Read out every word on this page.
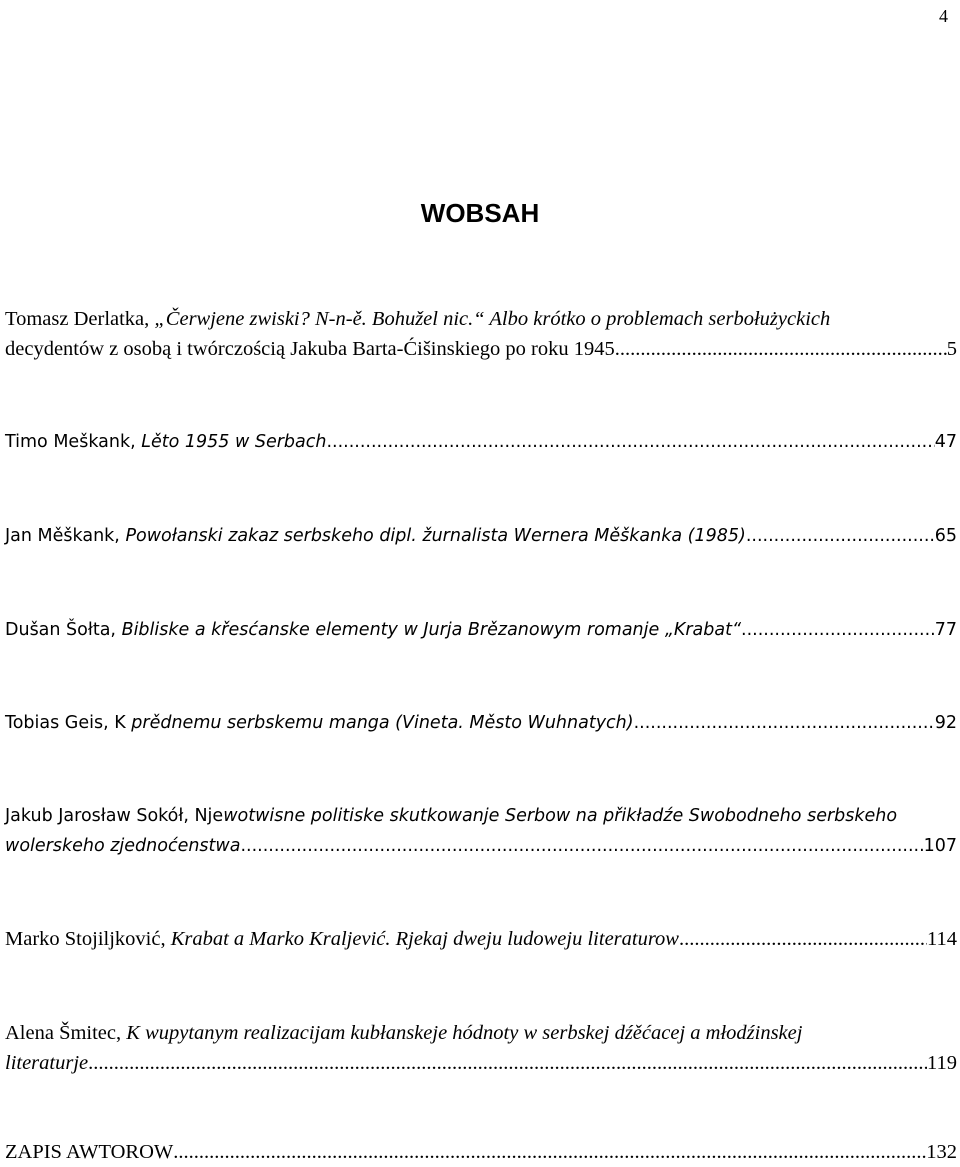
4
WOBSAH
Tomasz Derlatka, „Čerwjene zwiski? N-n-ě. Bohužel nic.“ Albo krótko o problemach serbołużyckich
decydentów z osobą i twórczością Jakuba Barta-Ćišinskiego po roku 1945 .....	5
Timo Meškank, Lěto 1955 w Serbach .....	47
Jan Měškank, Powołanski zakaz serbskeho dipl. žurnalista Wernera Měškanka (1985) .....	65
Dušan Šołta, Bibliske a křesćanske elementy w Jurja Brězanowym romanje „Krabat“ .....	77
Tobias Geis, K prědnemu serbskemu manga (Vineta. Město Wuhnatych) .....	92
Jakub Jarosław Sokół, Njewotwisne politiske skutkowanje Serbow na přikładźe Swobodneho serbskeho
wolerskeho zjednoćenstwa .....	107
Marko Stojiljković, Krabat a Marko Kraljević. Rjekaj dweju ludoweju literaturow .....	114
Alena Šmitec, K wupytanym realizacijam kubłanskeje hódnoty w serbskej dźěćacej a młodźinskej
literaturje .....	119
ZAPIS AWTOROW .....	132
